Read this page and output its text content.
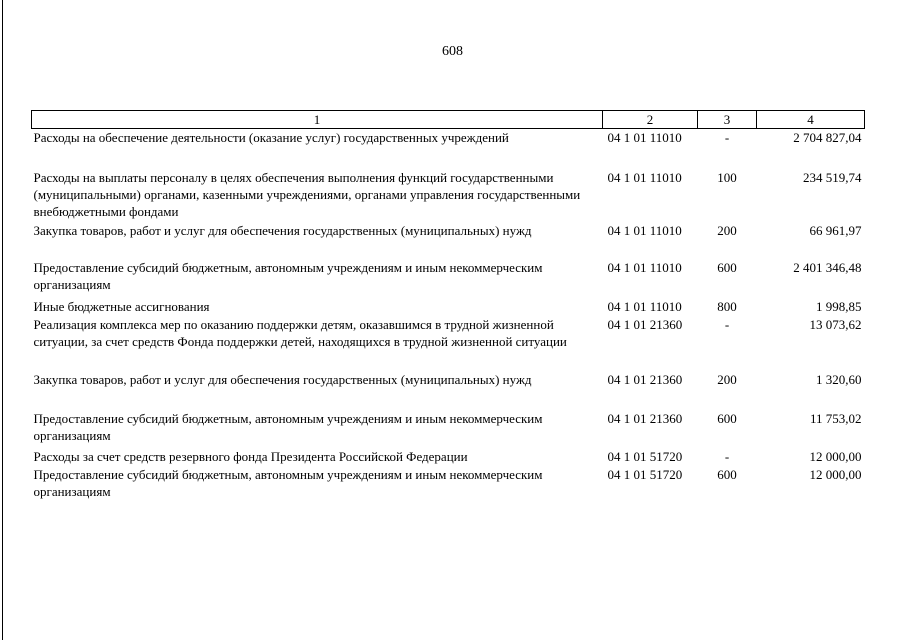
608
1	2	3	4
Расходы на обеспечение деятельности (оказание услуг) государственных учреждений	04 1 01 11010	-	2 704 827,04
Расходы на выплаты персоналу в целях обеспечения выполнения функций государственными (муниципальными) органами, казенными учреждениями, органами управления государственными внебюджетными фондами	04 1 01 11010	100	234 519,74
Закупка товаров, работ и услуг для обеспечения государственных (муниципальных) нужд	04 1 01 11010	200	66 961,97
Предоставление субсидий бюджетным, автономным учреждениям и иным некоммерческим организациям	04 1 01 11010	600	2 401 346,48
Иные бюджетные ассигнования	04 1 01 11010	800	1 998,85
Реализация комплекса мер по оказанию поддержки детям, оказавшимся в трудной жизненной ситуации, за счет средств Фонда поддержки детей, находящихся в трудной жизненной ситуации	04 1 01 21360	-	13 073,62
Закупка товаров, работ и услуг для обеспечения государственных (муниципальных) нужд	04 1 01 21360	200	1 320,60
Предоставление субсидий бюджетным, автономным учреждениям и иным некоммерческим организациям	04 1 01 21360	600	11 753,02
Расходы за счет средств резервного фонда Президента Российской Федерации	04 1 01 51720	-	12 000,00
Предоставление субсидий бюджетным, автономным учреждениям и иным некоммерческим организациям	04 1 01 51720	600	12 000,00
